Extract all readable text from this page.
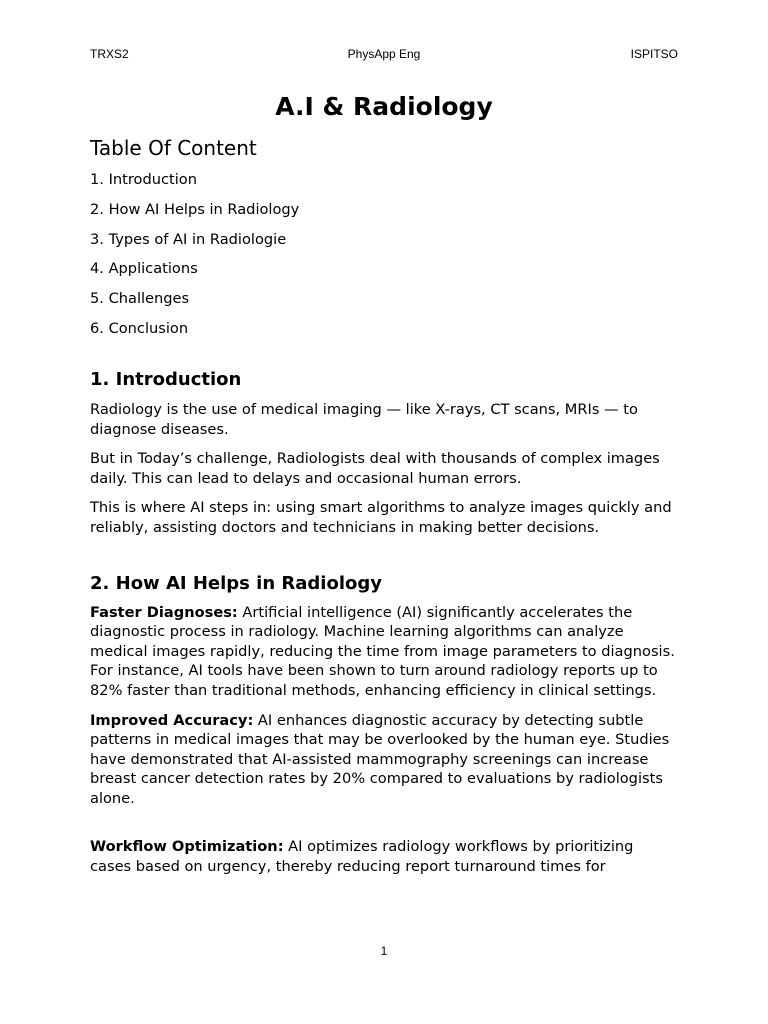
TRXS2	PhysApp Eng	ISPITSO
A.I & Radiology
Table Of Content
1. Introduction
2. How AI Helps in Radiology
3. Types of AI in Radiologie
4. Applications
5. Challenges
6. Conclusion
1. Introduction

Radiology is the use of medical imaging — like X-rays, CT scans, MRIs — to diagnose diseases.

But in Today’s challenge, Radiologists deal with thousands of complex images daily. This can lead to delays and occasional human errors.

This is where AI steps in: using smart algorithms to analyze images quickly and reliably, assisting doctors and technicians in making better decisions.

2. How AI Helps in Radiology

Faster Diagnoses: Artificial intelligence (AI) significantly accelerates the diagnostic process in radiology. Machine learning algorithms can analyze medical images rapidly, reducing the time from image parameters to diagnosis. For instance, AI tools have been shown to turn around radiology reports up to 82% faster than traditional methods, enhancing efficiency in clinical settings.

Improved Accuracy: AI enhances diagnostic accuracy by detecting subtle patterns in medical images that may be overlooked by the human eye. Studies have demonstrated that AI-assisted mammography screenings can increase breast cancer detection rates by 20% compared to evaluations by radiologists alone.

Workflow Optimization: AI optimizes radiology workflows by prioritizing cases based on urgency, thereby reducing report turnaround times for

1
